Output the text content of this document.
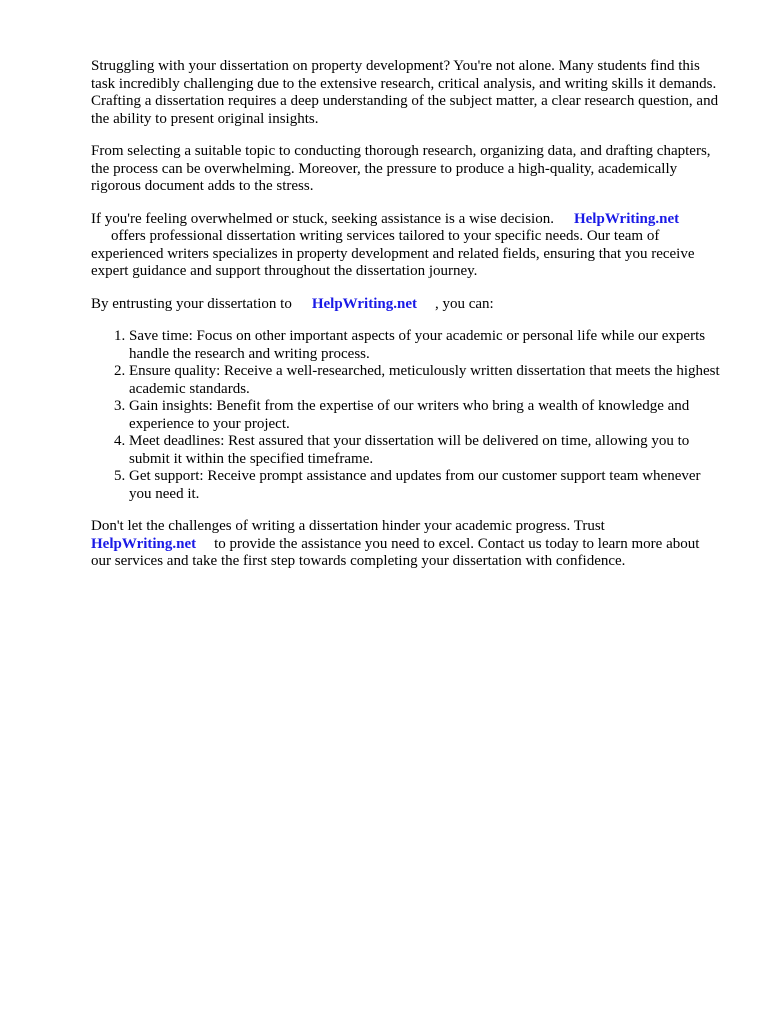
Struggling with your dissertation on property development? You're not alone. Many students find this task incredibly challenging due to the extensive research, critical analysis, and writing skills it demands. Crafting a dissertation requires a deep understanding of the subject matter, a clear research question, and the ability to present original insights.

From selecting a suitable topic to conducting thorough research, organizing data, and drafting chapters, the process can be overwhelming. Moreover, the pressure to produce a high-quality, academically rigorous document adds to the stress.

If you're feeling overwhelmed or stuck, seeking assistance is a wise decision. HelpWriting.net
offers professional dissertation writing services tailored to your specific needs. Our team of experienced writers specializes in property development and related fields, ensuring that you receive expert guidance and support throughout the dissertation journey.

By entrusting your dissertation to HelpWriting.net , you can:

1. Save time: Focus on other important aspects of your academic or personal life while our experts handle the research and writing process.
2. Ensure quality: Receive a well-researched, meticulously written dissertation that meets the highest academic standards.
3. Gain insights: Benefit from the expertise of our writers who bring a wealth of knowledge and experience to your project.
4. Meet deadlines: Rest assured that your dissertation will be delivered on time, allowing you to submit it within the specified timeframe.
5. Get support: Receive prompt assistance and updates from our customer support team whenever you need it.

Don't let the challenges of writing a dissertation hinder your academic progress. Trust
HelpWriting.net to provide the assistance you need to excel. Contact us today to learn more about our services and take the first step towards completing your dissertation with confidence.
